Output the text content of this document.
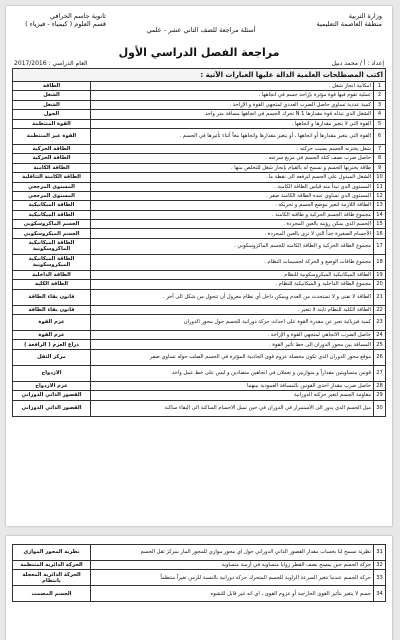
وزارة التربية
منطقة العاصمة التعليمية
أسئلة مراجعة للصف الثاني عشر - علمي
ثانوية جاسم الخرافي
قسم العلوم ( كيمياء - فيزياء )
مراجعة الفصل الدراسي الأول
إعداد : أ / محمد دبيل
العام الدراسي : 2017/2016
اكتب المصطلحات العلمية الدالة عليها العبارات الآتية :		
1	امكانية انجاز شغل .	الطاقة
2	عملية تقوم فيها قوة مؤثرة بإزاحة جسم في اتجاهها .	الشغل
3	كمية عددية تساوي حاصل الضرب العددي لمتجهي القوة و الإزاحة .	الشغل
4	الشغل الذي تبذله قوة مقدارها N 1 تحرك الجسم في اتجاهها مسافة متر واحد	الجول
5	القوة التي لا يتغير مقدارها و اتجاهها .	القوة المنتظمة
6	القوة التي يتغير مقدارها أو اتجاهها ، أو يتغير مقدارها واتجاهها معاً أثناء تأثيرها في الجسم .	القوة غير المنتظمة
7	شغل يختزنه الجسم بسبب حركته .	الطاقة الحركية
8	حاصل ضرب نصف كتلة الجسم في مربع سرعته .	الطاقة الحركية
9	طاقة يختزنها الجسم و تسمح له بالقيام بإنجاز شغل للتخلص منها .	الطاقة الكامنة
10	الشغل المبذول على الجسم لترفعه الى نقطة ما .	الطاقة الكامنة التثاقلية
11	المستوى الذي تبدأ منه قياس الطاقة الكامنة .	المستوى المرجعي
12	المستوى الذي تساوي عنده الطاقة الكامنة صفر .	المستوى المرجعي
13	الطاقة اللازمة لتغير موضع الجسم و تحريكه .	الطاقة الميكانيكية
14	مجموع طاقة الجسم الحركية و طاقته الكامنة .	الطاقة الميكانيكية
15	الجسم الذي يمكن رؤيته بالعين المجردة .	الجسم الماكروسكوبي
16	الأجسام الصغيرة جداً التي لا ترى بالعين المجردة .	الجسم الميكروسكوبي
17	مجموع الطاقة الحركية و الطاقة الكامنة للجسم الماكروسكوبي .	الطاقة الميكانيكية الماكروسكوبية
18	مجموع طاقات الوضع و الحركة لجسيمات النظام .	الطاقة الميكانيكية الميكروسكوبية
19	الطاقة الميكانيكية الميكروسكوبية للنظام .	الطاقة الداخلية
20	مجموع الطاقة الداخلية و الميكانيكية للنظام .	الطاقة الكلية
21	الطاقة لا تفنى و لا تستحدث من العدم ويمكن داخل أي نظام معزول أن تتحول من شكل الى آخر .	قانون بقاء الطاقة
22	الطاقة الكلية للنظام ثابتة لا تتغير .	قانون بقاء الطاقة
23	كمية فيزيائية تعبر عن مقدرة القوة على احداث حركة دورانية للجسم حول محور الدوران	عزم القوة
24	حاصل الضرب الاتجاهي لمتجهي القوة و الإزاحة .	عزم القوة
25	المسافة بين محور الدوران الى خط تأثير القوة .	ذراع العزم ( الرافعة )
26	موقع محور الدوران الذي تكون محصلة عزوم قوى الجاذبية المؤثرة في الجسم الصلب حوله تساوي صفر	مركز الثقل
27	قوتين متساويتين مقداراً و متوازيين و تعملان في اتجاهين متضادين و ليس على خط عمل واحد	الازدواج
28	حاصل ضرب مقدار احدى القوتين بالمسافة العمودية بينهما	عزم الازدواج
29	مقاومة الجسم لتغير حركته الدورانية	القصور الذاتي الدوراني
30	ميل الجسم الذي يدور الى الاستمرار في الدوران في حين تميل الاجسام الساكنة الى البقاء ساكنة	القصور الذاتي الدوراني
31	نظرية تسمح لنا بحساب مقدار القصور الذاتي الدوراني حول اي محور موازي للمحور المار بمركز ثقل الجسم	نظرية المحور الموازي
32	حركة الجسم حين يمسح نصف القطر زوايا متساوية في أزمنة متساوية	الحركة الدائرية المنتظمة
33	حركة الجسم عندما تتغير السرعة الزاوية للجسم المتحرك حركة دورانية بالنسبة للزمن تغيراً منتظماً	الحركة الدائرية المعجلة بانتظام
34	جسم لا يتغير بتأثير القوى الخارجية أو عزوم القوى ، اي انه غير قابل للتشوه	الجسم المصمت
